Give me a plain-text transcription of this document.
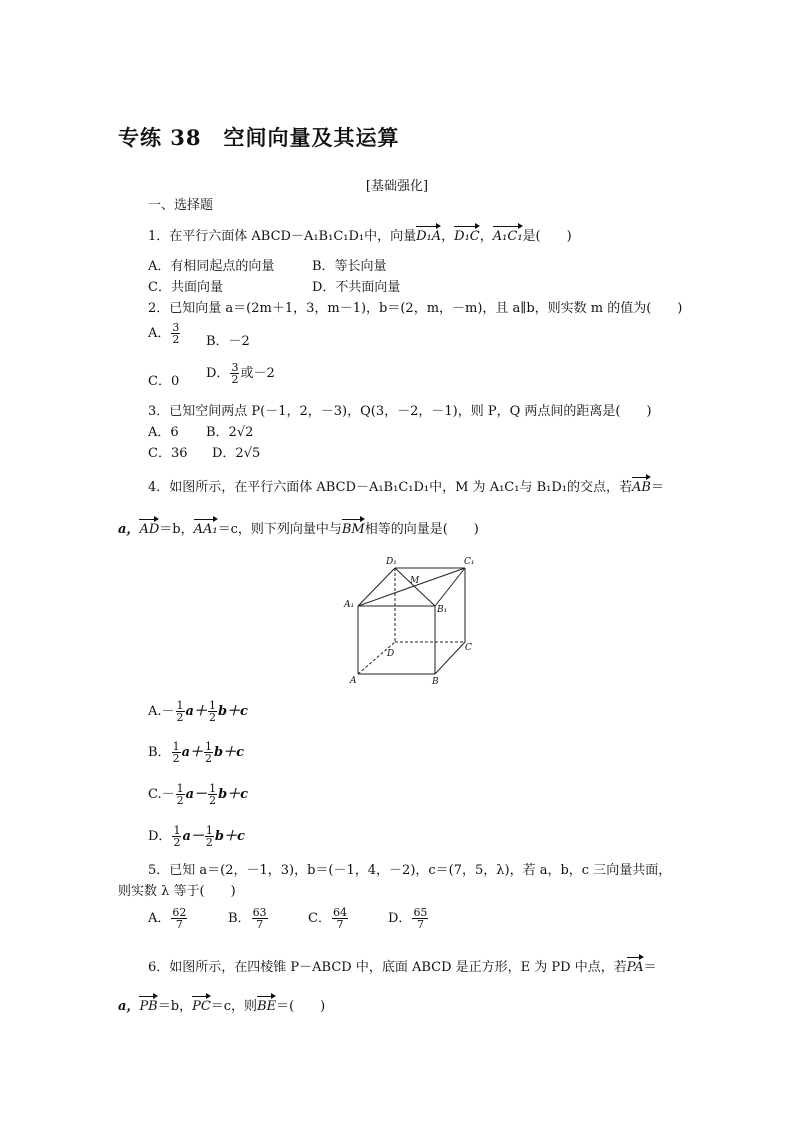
专练 38　空间向量及其运算
[基础强化]
一、选择题
1．在平行六面体 ABCD－A₁B₁C₁D₁中，向量D₁A，D₁C，A₁C₁是(　　)
A．有相同起点的向量	B．等长向量
C．共面向量	D．不共面向量
2．已知向量 a＝(2m＋1，3，m－1)，b＝(2，m，－m)，且 a∥b，则实数 m 的值为(　　)
A． $\frac{3}{2}$ B．－2
C．0
D． $\frac{3}{2}$ 或－2
3．已知空间两点 P(－1，2，－3)，Q(3，－2，－1)，则 P，Q 两点间的距离是(　　)
A．6 B．2√2
C．36 D．2√5
4．如图所示，在平行六面体 ABCD－A₁B₁C₁D₁中，M 为 A₁C₁与 B₁D₁的交点，若AB＝
a，AD＝b，AA₁＝c，则下列向量中与BM相等的向量是(　　)
D₁	C₁
M
A₁	B₁
D
C
A	B
$A.- \frac{1}{2} a+ \frac{1}{2} b+c$
B． $\frac{1}{2} a+ \frac{1}{2} b+c$
$C.- \frac{1}{2} a- \frac{1}{2} b+c$
D． $\frac{1}{2} a- \frac{1}{2} b+c$
5．已知 a＝(2，－1，3)，b＝(－1，4，－2)，c＝(7，5，λ)，若 a，b，c 三向量共面，
则实数 λ 等于(　　)
A． $\frac{62}{7}$	B． $\frac{63}{7}$	C． $\frac{64}{7}$	D． $\frac{65}{7}$
6．如图所示，在四棱锥 P－ABCD 中，底面 ABCD 是正方形，E 为 PD 中点，若PA＝
a，PB＝b，PC＝c，则BE＝(　　)
